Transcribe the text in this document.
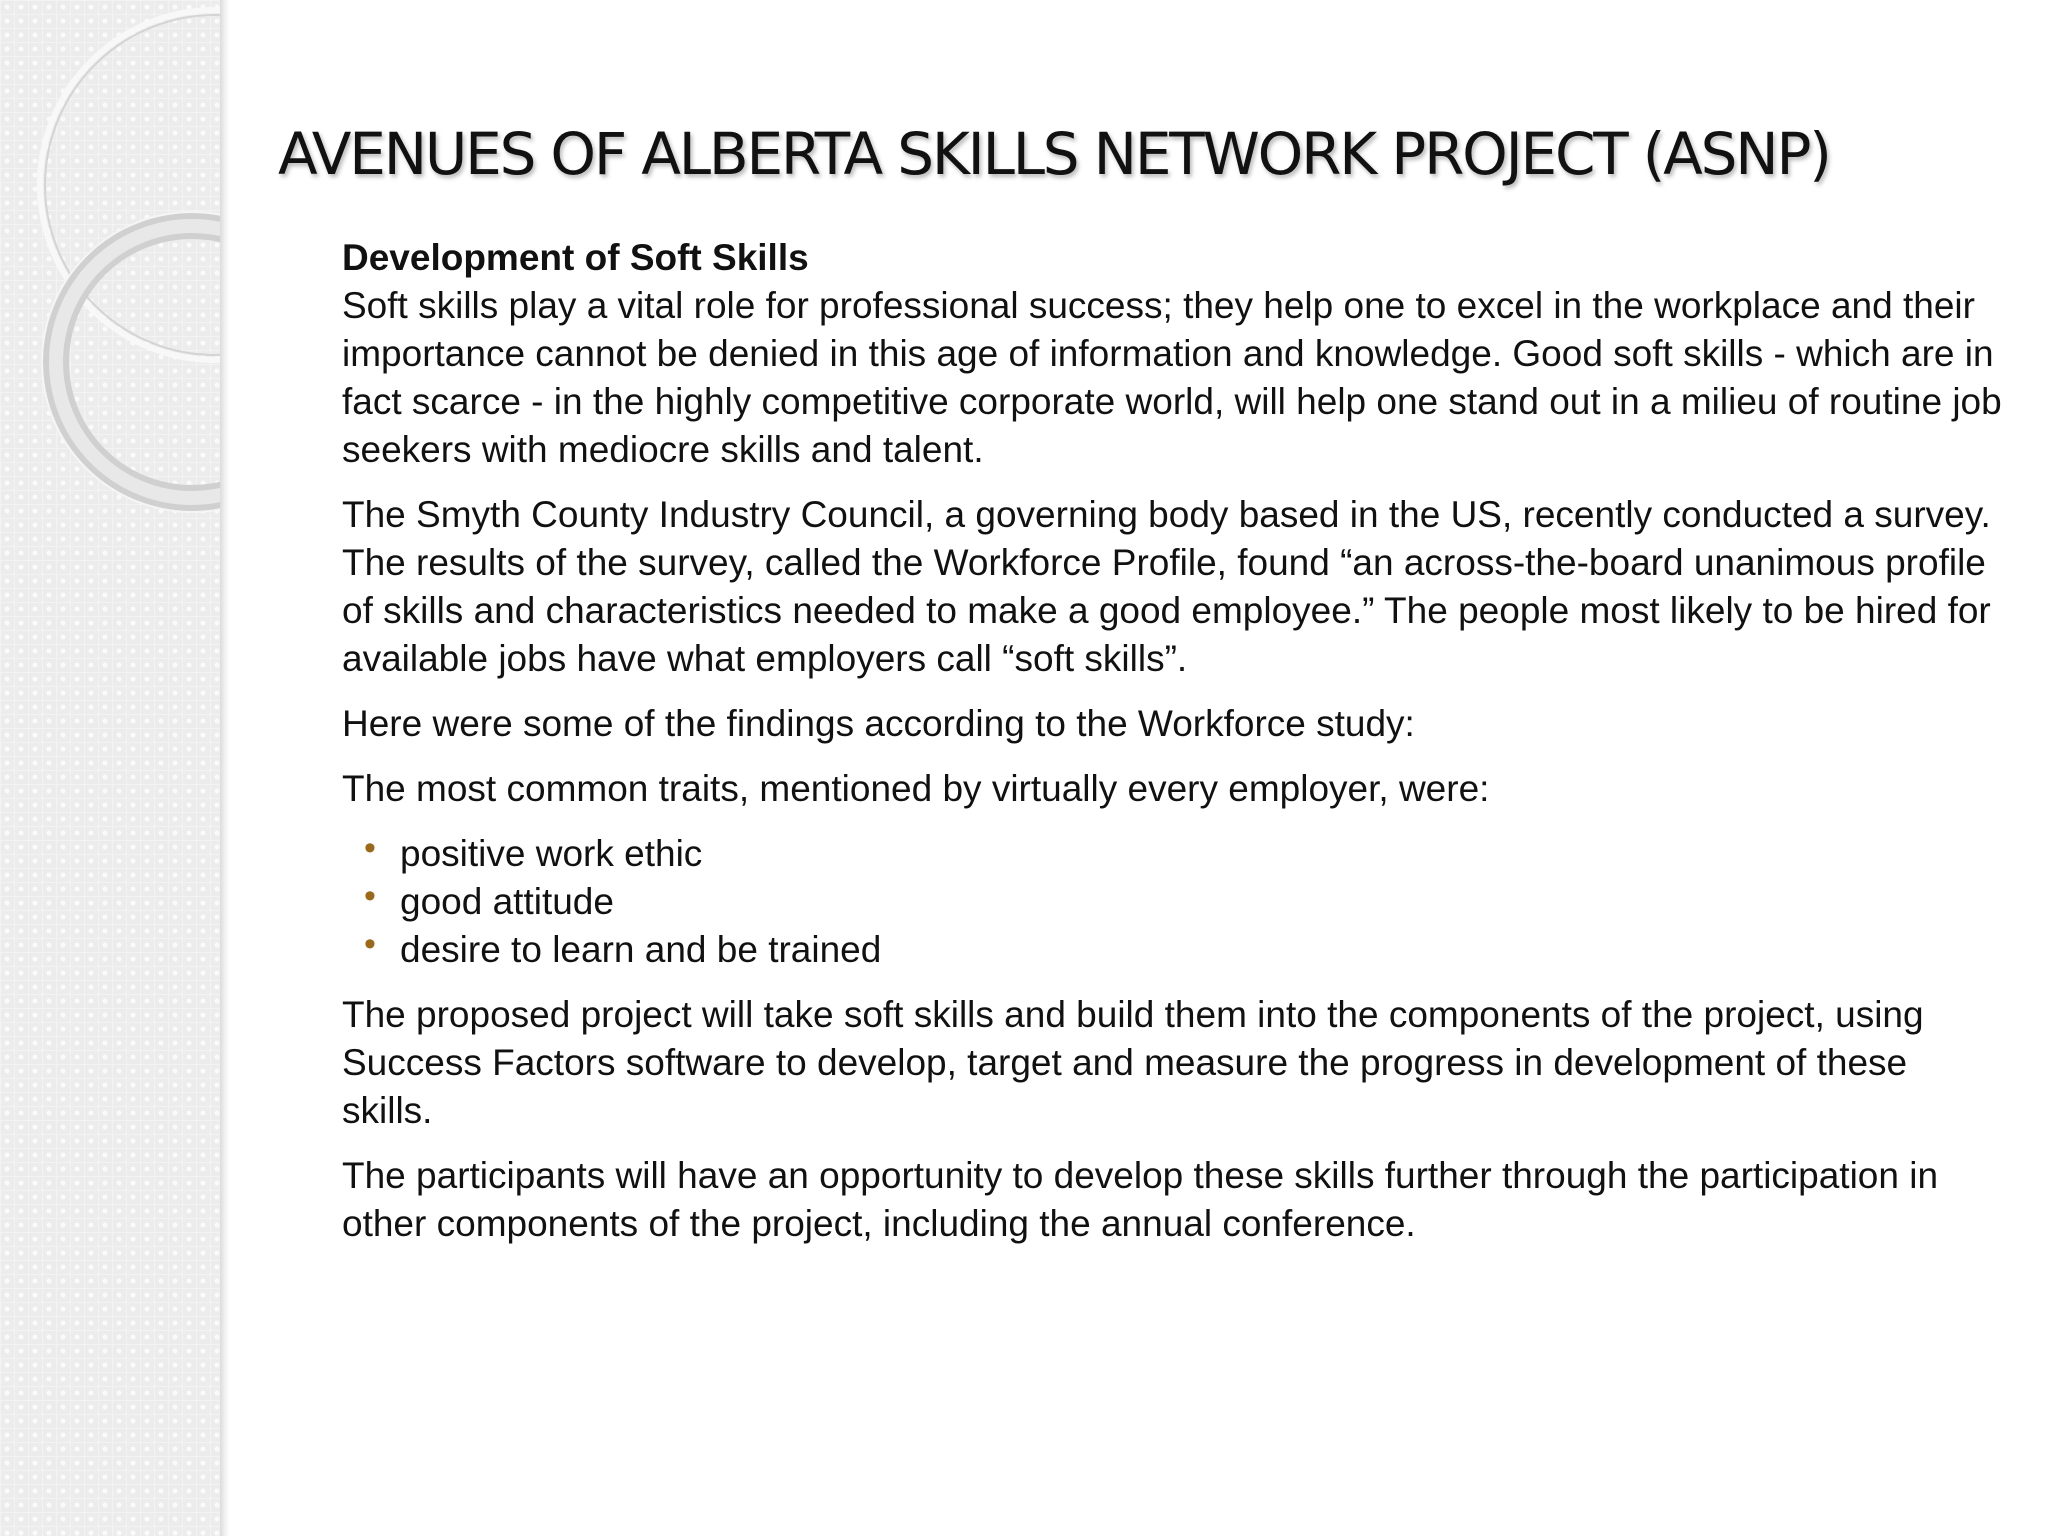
AVENUES OF ALBERTA SKILLS NETWORK PROJECT (ASNP)

Development of Soft Skills

Soft skills play a vital role for professional success; they help one to excel in the workplace and their importance cannot be denied in this age of information and knowledge. Good soft skills - which are in fact scarce - in the highly competitive corporate world, will help one stand out in a milieu of routine job seekers with mediocre skills and talent.

The Smyth County Industry Council, a governing body based in the US, recently conducted a survey. The results of the survey, called the Workforce Profile, found “an across-the-board unanimous profile of skills and characteristics needed to make a good employee.” The people most likely to be hired for available jobs have what employers call “soft skills”.

Here were some of the findings according to the Workforce study:

The most common traits, mentioned by virtually every employer, were:

• positive work ethic
• good attitude
• desire to learn and be trained

The proposed project will take soft skills and build them into the components of the project, using Success Factors software to develop, target and measure the progress in development of these skills.

The participants will have an opportunity to develop these skills further through the participation in other components of the project, including the annual conference.
